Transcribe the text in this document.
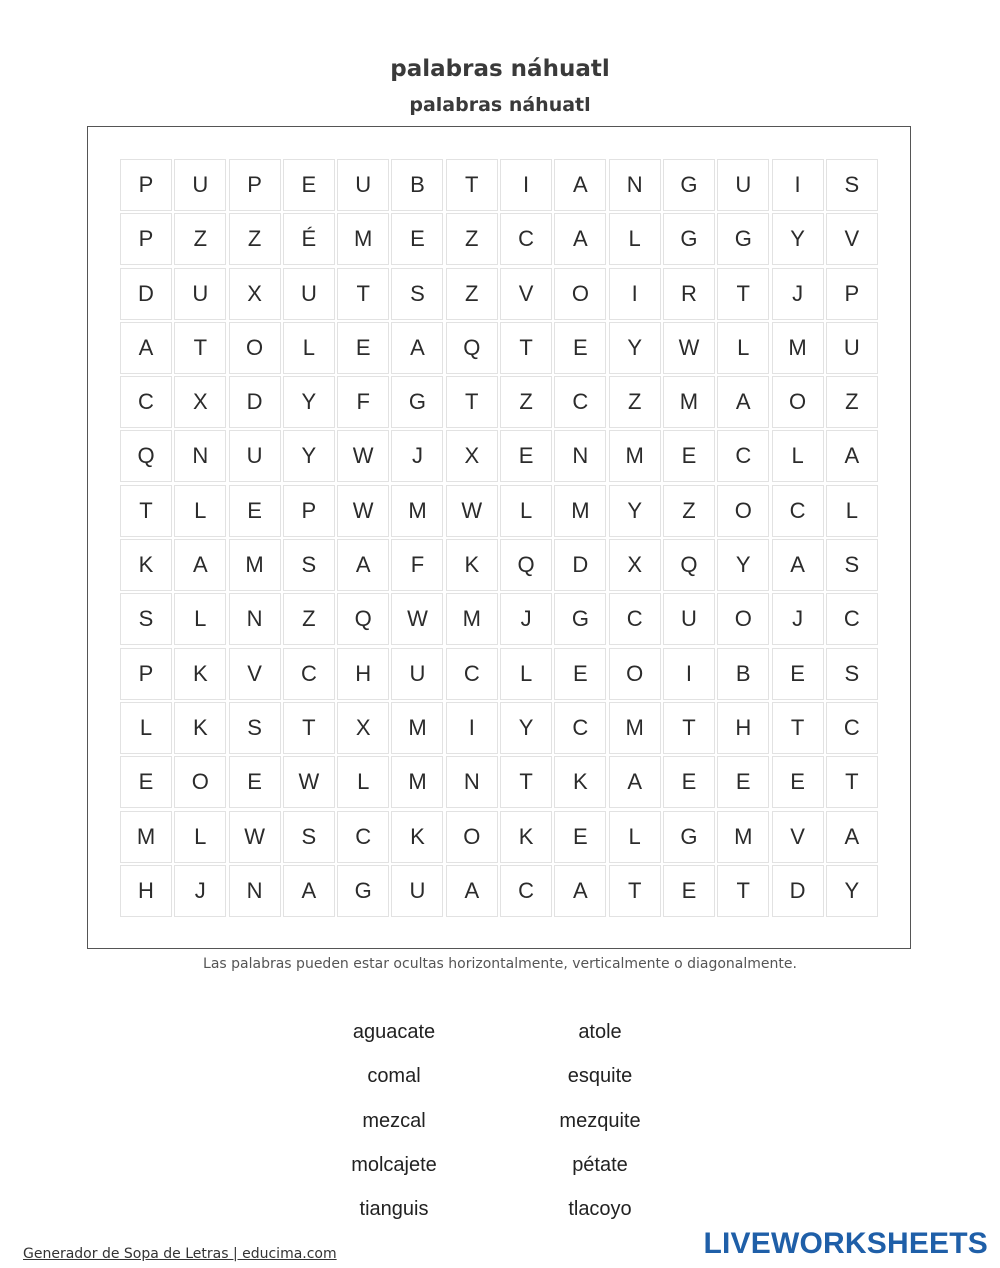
palabras náhuatl
palabras náhuatl
P	U	P	E	U	B	T	I	A	N	G	U	I	S
P	Z	Z	É	M	E	Z	C	A	L	G	G	Y	V
D	U	X	U	T	S	Z	V	O	I	R	T	J	P
A	T	O	L	E	A	Q	T	E	Y	W	L	M	U
C	X	D	Y	F	G	T	Z	C	Z	M	A	O	Z
Q	N	U	Y	W	J	X	E	N	M	E	C	L	A
T	L	E	P	W	M	W	L	M	Y	Z	O	C	L
K	A	M	S	A	F	K	Q	D	X	Q	Y	A	S
S	L	N	Z	Q	W	M	J	G	C	U	O	J	C
P	K	V	C	H	U	C	L	E	O	I	B	E	S
L	K	S	T	X	M	I	Y	C	M	T	H	T	C
E	O	E	W	L	M	N	T	K	A	E	E	E	T
M	L	W	S	C	K	O	K	E	L	G	M	V	A
H	J	N	A	G	U	A	C	A	T	E	T	D	Y
Las palabras pueden estar ocultas horizontalmente, verticalmente o diagonalmente.
aguacate	atole
comal	esquite
mezcal	mezquite
molcajete	pétate
tianguis	tlacoyo
Generador de Sopa de Letras | educima.com	LIVEWORKSHEETS
